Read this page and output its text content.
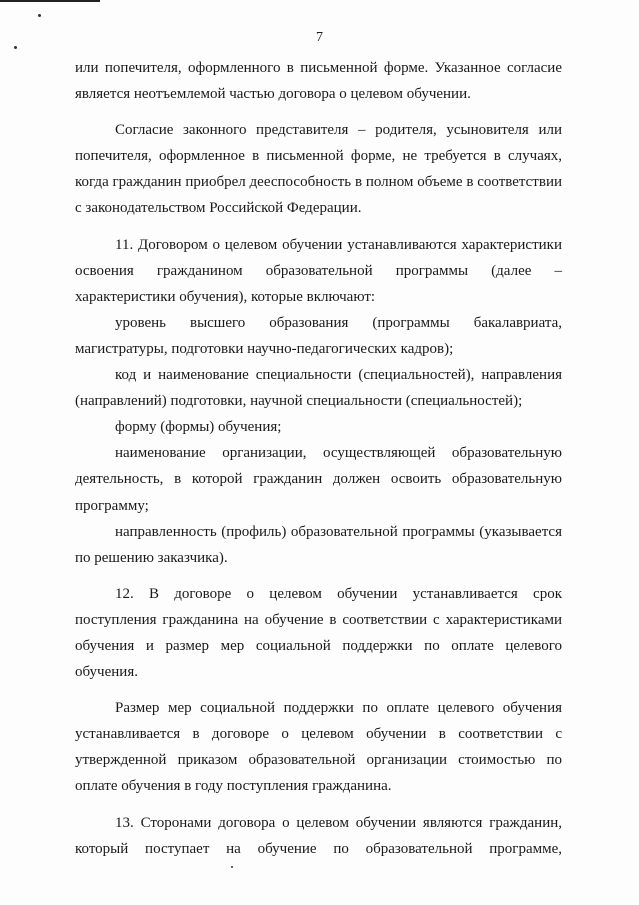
7

или попечителя, оформленного в письменной форме. Указанное согласие является неотъемлемой частью договора о целевом обучении.

Согласие законного представителя – родителя, усыновителя или попечителя, оформленное в письменной форме, не требуется в случаях, когда гражданин приобрел дееспособность в полном объеме в соответствии с законодательством Российской Федерации.

11. Договором о целевом обучении устанавливаются характеристики освоения гражданином образовательной программы (далее – характеристики обучения), которые включают:

уровень высшего образования (программы бакалавриата, магистратуры, подготовки научно-педагогических кадров);

код и наименование специальности (специальностей), направления (направлений) подготовки, научной специальности (специальностей);

форму (формы) обучения;

наименование организации, осуществляющей образовательную деятельность, в которой гражданин должен освоить образовательную программу;

направленность (профиль) образовательной программы (указывается по решению заказчика).

12. В договоре о целевом обучении устанавливается срок поступления гражданина на обучение в соответствии с характеристиками обучения и размер мер социальной поддержки по оплате целевого обучения.

Размер мер социальной поддержки по оплате целевого обучения устанавливается в договоре о целевом обучении в соответствии с утвержденной приказом образовательной организации стоимостью по оплате обучения в году поступления гражданина.

13. Сторонами договора о целевом обучении являются гражданин, который поступает на обучение по образовательной программе,
